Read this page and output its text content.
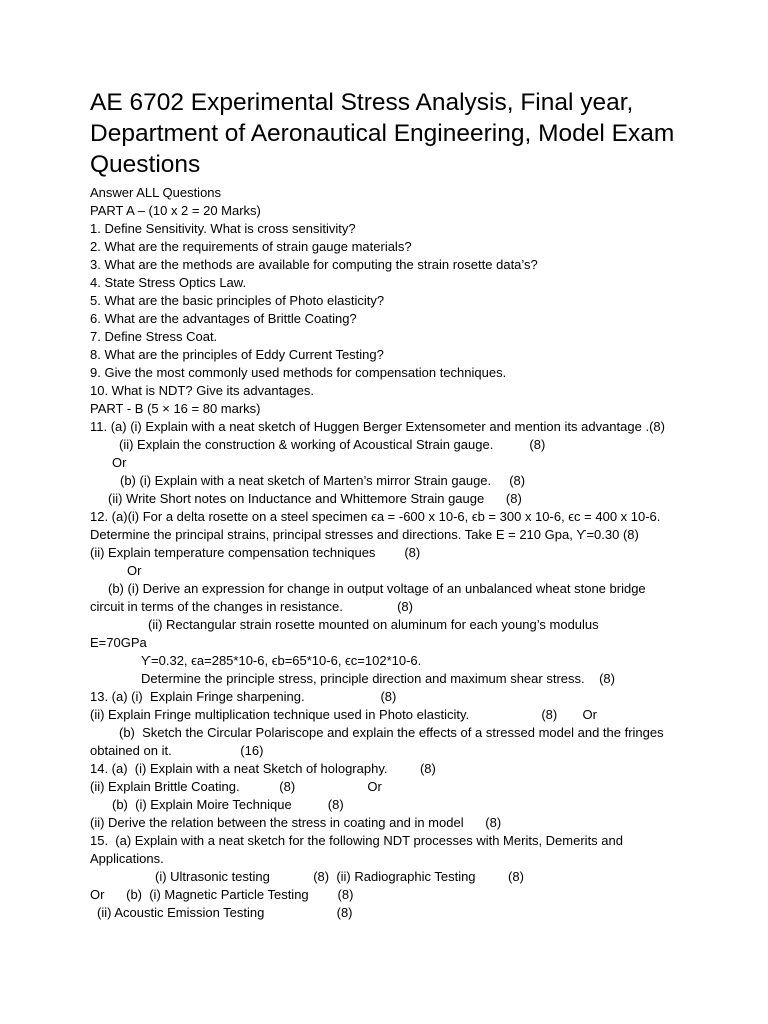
AE 6702 Experimental Stress Analysis, Final year, Department of Aeronautical Engineering, Model Exam Questions
Answer ALL Questions
PART A – (10 x 2 = 20 Marks)
1. Define Sensitivity. What is cross sensitivity?
2. What are the requirements of strain gauge materials?
3. What are the methods are available for computing the strain rosette data’s?
4. State Stress Optics Law.
5. What are the basic principles of Photo elasticity?
6. What are the advantages of Brittle Coating?
7. Define Stress Coat.
8. What are the principles of Eddy Current Testing?
9. Give the most commonly used methods for compensation techniques.
10. What is NDT? Give its advantages.
PART - B (5 × 16 = 80 marks)
11. (a) (i) Explain with a neat sketch of Huggen Berger Extensometer and mention its advantage .(8)
(ii) Explain the construction & working of Acoustical Strain gauge.          (8)
Or
(b) (i) Explain with a neat sketch of Marten’s mirror Strain gauge.     (8)
(ii) Write Short notes on Inductance and Whittemore Strain gauge      (8)
12. (a)(i) For a delta rosette on a steel specimen ϵa = -600 x 10-6, ϵb = 300 x 10-6, ϵc = 400 x 10-6.
Determine the principal strains, principal stresses and directions. Take E = 210 Gpa, Ƴ=0.30 (8)
(ii) Explain temperature compensation techniques        (8)
Or
(b) (i) Derive an expression for change in output voltage of an unbalanced wheat stone bridge
circuit in terms of the changes in resistance.               (8)
(ii) Rectangular strain rosette mounted on aluminum for each young’s modulus
E=70GPa
Ƴ=0.32, ϵa=285*10-6, ϵb=65*10-6, ϵc=102*10-6.
Determine the principle stress, principle direction and maximum shear stress.    (8)
13. (a) (i)  Explain Fringe sharpening.                     (8)
(ii) Explain Fringe multiplication technique used in Photo elasticity.                    (8)       Or
(b)  Sketch the Circular Polariscope and explain the effects of a stressed model and the fringes
obtained on it.                   (16)
14. (a)  (i) Explain with a neat Sketch of holography.         (8)
(ii) Explain Brittle Coating.           (8)                    Or
(b)  (i) Explain Moire Technique          (8)
(ii) Derive the relation between the stress in coating and in model      (8)
15.  (a) Explain with a neat sketch for the following NDT processes with Merits, Demerits and
Applications.
(i) Ultrasonic testing            (8)  (ii) Radiographic Testing         (8)
Or      (b)  (i) Magnetic Particle Testing        (8)
(ii) Acoustic Emission Testing                    (8)
